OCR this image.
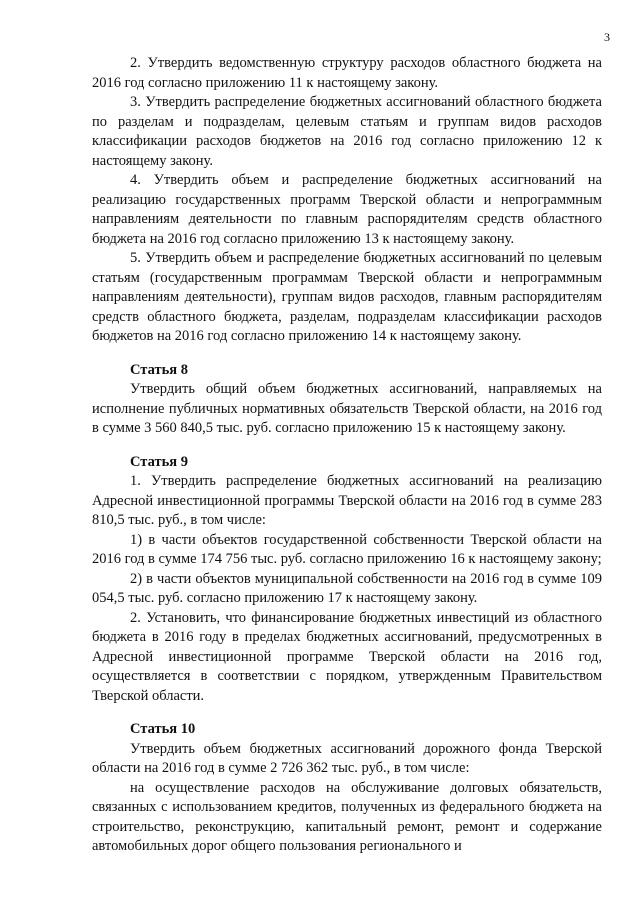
3

2. Утвердить ведомственную структуру расходов областного бюджета на 2016 год согласно приложению 11 к настоящему закону.

3. Утвердить распределение бюджетных ассигнований областного бюджета по разделам и подразделам, целевым статьям и группам видов расходов классификации расходов бюджетов на 2016 год согласно приложению 12 к настоящему закону.

4. Утвердить объем и распределение бюджетных ассигнований на реализацию государственных программ Тверской области и непрограммным направлениям деятельности по главным распорядителям средств областного бюджета на 2016 год согласно приложению 13 к настоящему закону.

5. Утвердить объем и распределение бюджетных ассигнований по целевым статьям (государственным программам Тверской области и непрограммным направлениям деятельности), группам видов расходов, главным распорядителям средств областного бюджета, разделам, подразделам классификации расходов бюджетов на 2016 год согласно приложению 14 к настоящему закону.

Статья 8

Утвердить общий объем бюджетных ассигнований, направляемых на исполнение публичных нормативных обязательств Тверской области, на 2016 год в сумме 3 560 840,5 тыс. руб. согласно приложению 15 к настоящему закону.

Статья 9

1. Утвердить распределение бюджетных ассигнований на реализацию Адресной инвестиционной программы Тверской области на 2016 год в сумме 283 810,5 тыс. руб., в том числе:

1) в части объектов государственной собственности Тверской области на 2016 год в сумме 174 756 тыс. руб. согласно приложению 16 к настоящему закону;

2) в части объектов муниципальной собственности на 2016 год в сумме 109 054,5 тыс. руб. согласно приложению 17 к настоящему закону.

2. Установить, что финансирование бюджетных инвестиций из областного бюджета в 2016 году в пределах бюджетных ассигнований, предусмотренных в Адресной инвестиционной программе Тверской области на 2016 год, осуществляется в соответствии с порядком, утвержденным Правительством Тверской области.

Статья 10

Утвердить объем бюджетных ассигнований дорожного фонда Тверской области на 2016 год в сумме 2 726 362 тыс. руб., в том числе:

на осуществление расходов на обслуживание долговых обязательств, связанных с использованием кредитов, полученных из федерального бюджета на строительство, реконструкцию, капитальный ремонт, ремонт и содержание автомобильных дорог общего пользования регионального и
